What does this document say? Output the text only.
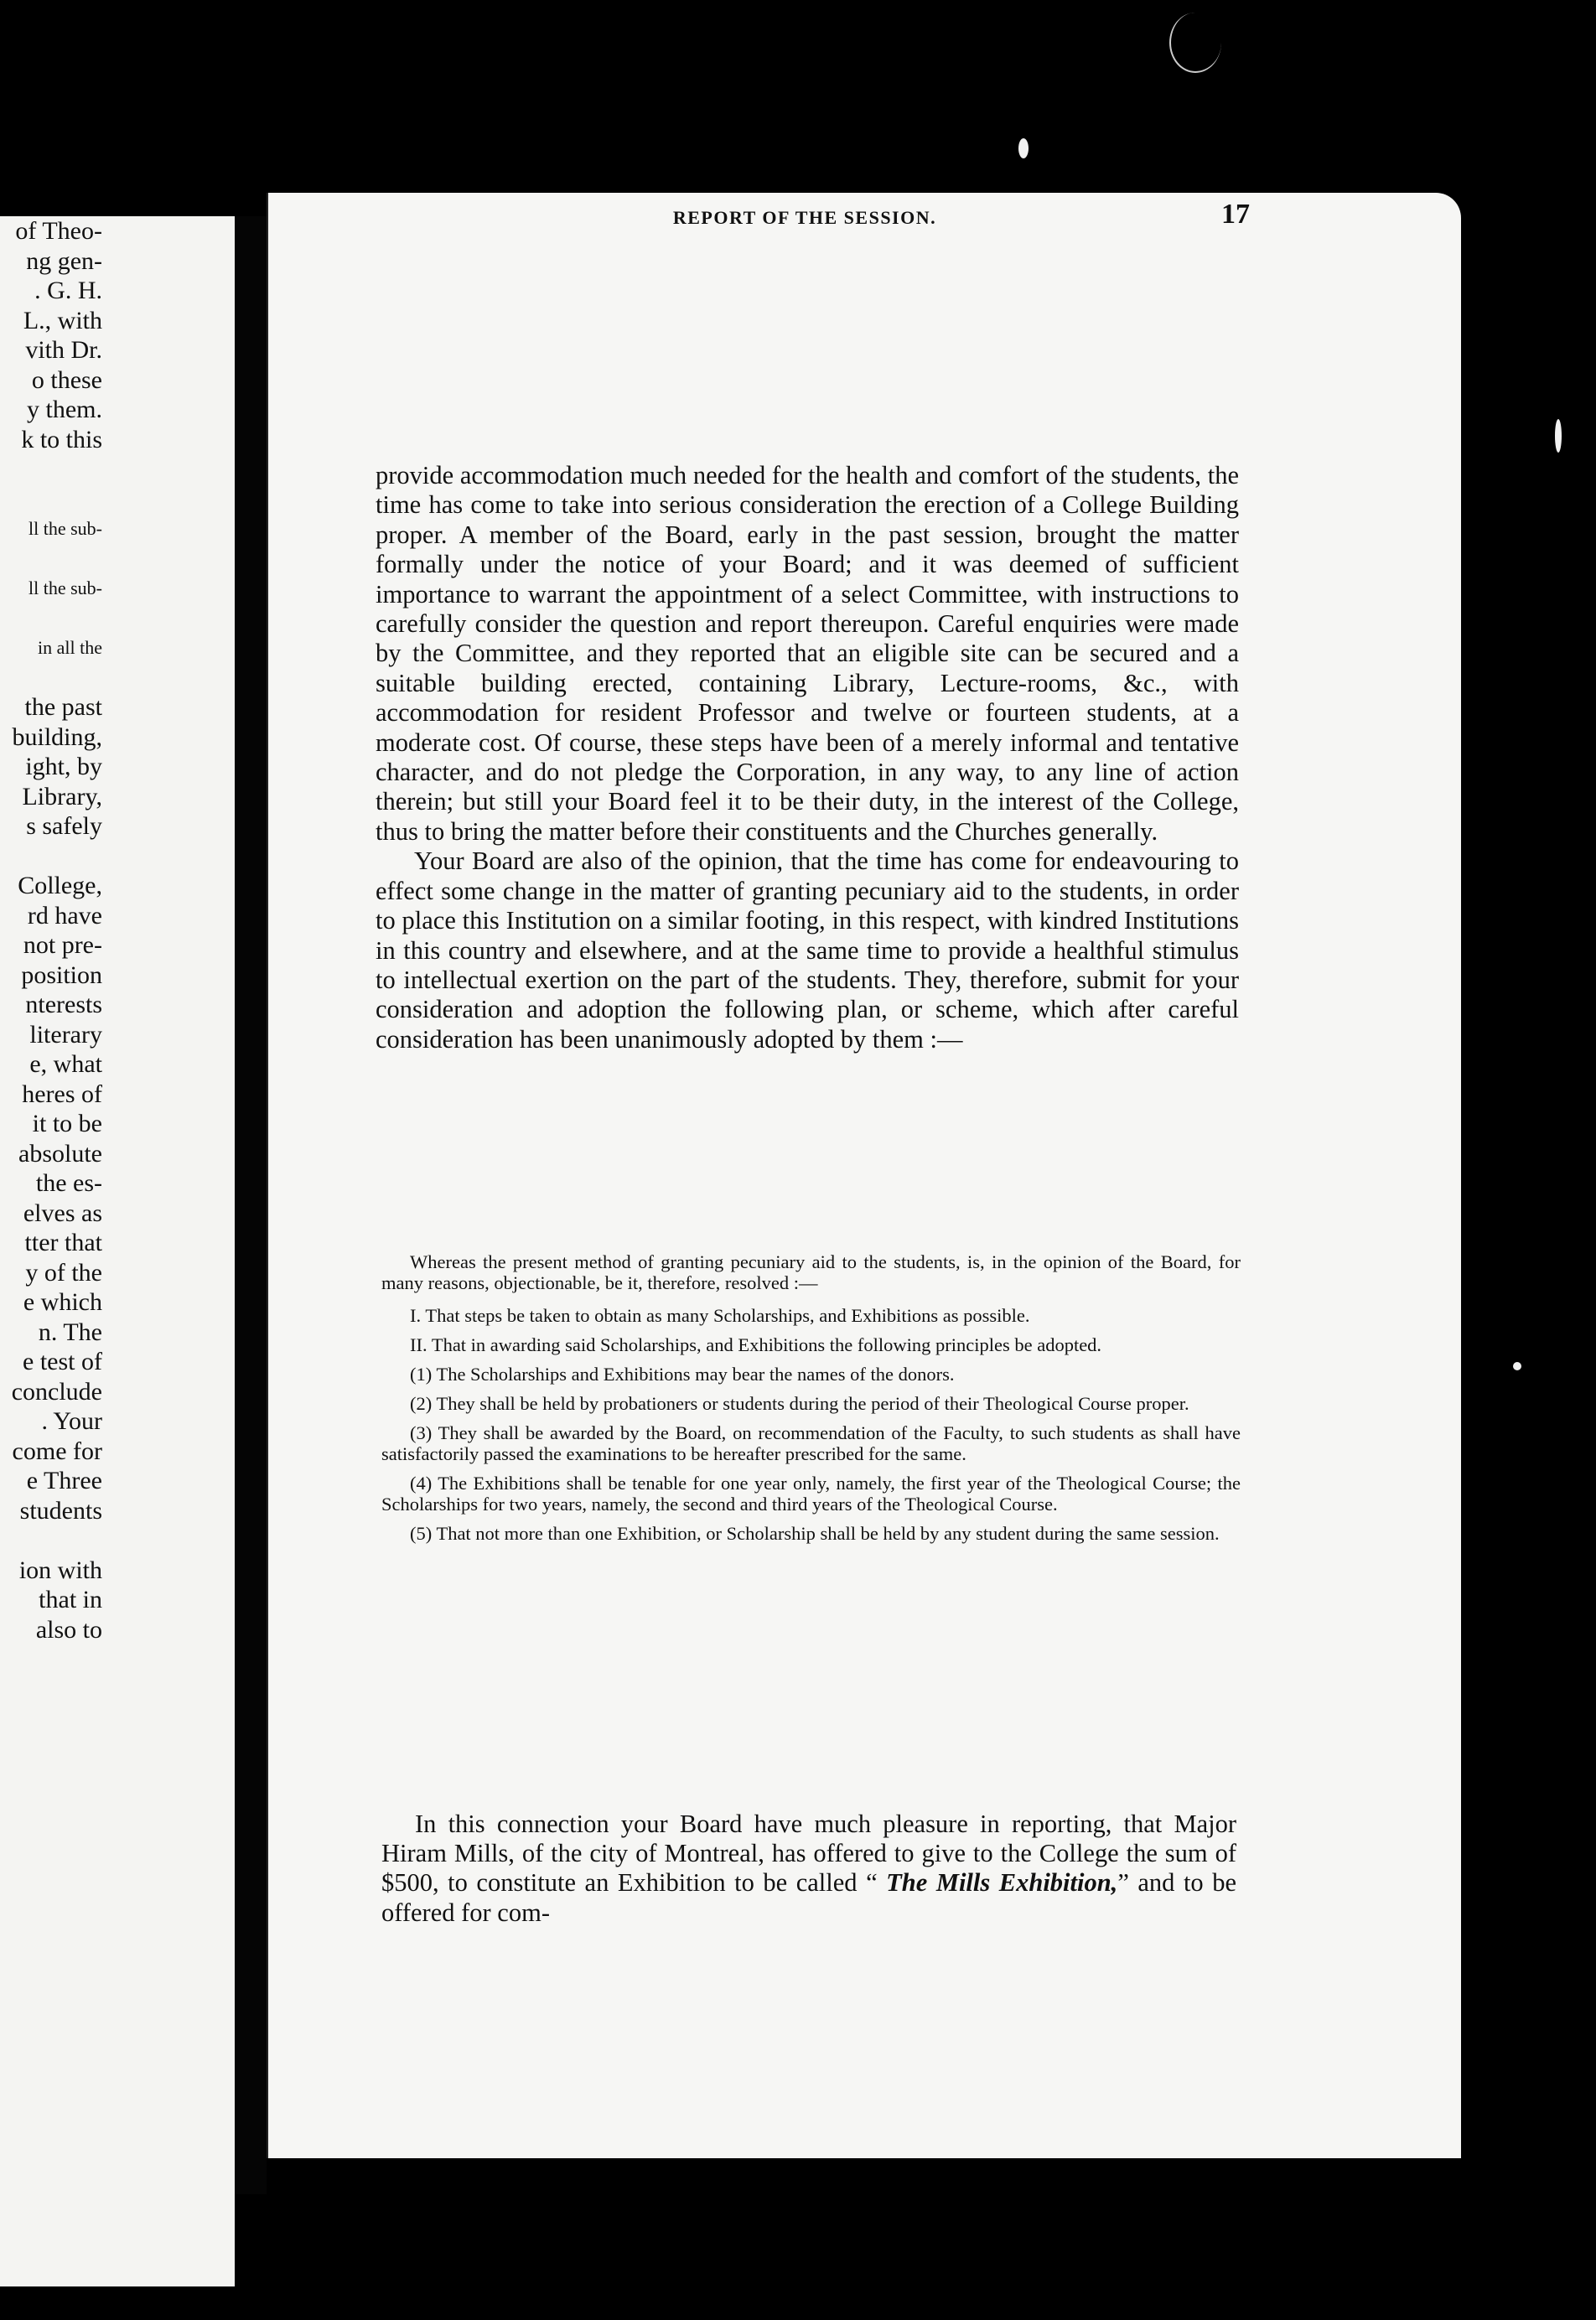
of Theo-
ng gen-
. G. H.
L., with
vith Dr.
o these
y them.
k to this

ll the sub-

ll the sub-

in all the

the past
building,
ight, by
Library,
s safely

College,
rd have
not pre-
position
nterests
literary
e, what
heres of
it to be
absolute
the es-
elves as
tter that
y of the
e which
n. The
e test of
conclude
. Your
come for
e Three
students

ion with
that in
also to
REPORT OF THE SESSION.	17

provide accommodation much needed for the health and comfort of the students, the time has come to take into serious consideration the erection of a College Building proper. A member of the Board, early in the past session, brought the matter formally under the notice of your Board; and it was deemed of sufficient importance to warrant the appointment of a select Committee, with instructions to carefully consider the question and report thereupon. Careful enquiries were made by the Committee, and they reported that an eligible site can be secured and a suitable building erected, containing Library, Lecture-rooms, &c., with accommodation for resident Professor and twelve or fourteen students, at a moderate cost. Of course, these steps have been of a merely informal and tentative character, and do not pledge the Corporation, in any way, to any line of action therein; but still your Board feel it to be their duty, in the interest of the College, thus to bring the matter before their constituents and the Churches generally.

Your Board are also of the opinion, that the time has come for endeavouring to effect some change in the matter of granting pecuniary aid to the students, in order to place this Institution on a similar footing, in this respect, with kindred Institutions in this country and elsewhere, and at the same time to provide a healthful stimulus to intellectual exertion on the part of the students. They, therefore, submit for your consideration and adoption the following plan, or scheme, which after careful consideration has been unanimously adopted by them :—

Whereas the present method of granting pecuniary aid to the students, is, in the opinion of the Board, for many reasons, objectionable, be it, therefore, resolved :—

I. That steps be taken to obtain as many Scholarships, and Exhibitions as possible.

II. That in awarding said Scholarships, and Exhibitions the following principles be adopted.

(1) The Scholarships and Exhibitions may bear the names of the donors.

(2) They shall be held by probationers or students during the period of their Theological Course proper.

(3) They shall be awarded by the Board, on recommendation of the Faculty, to such students as shall have satisfactorily passed the examinations to be hereafter prescribed for the same.

(4) The Exhibitions shall be tenable for one year only, namely, the first year of the Theological Course; the Scholarships for two years, namely, the second and third years of the Theological Course.

(5) That not more than one Exhibition, or Scholarship shall be held by any student during the same session.

In this connection your Board have much pleasure in reporting, that Major Hiram Mills, of the city of Montreal, has offered to give to the College the sum of $500, to constitute an Exhibition to be called “ The Mills Exhibition,” and to be offered for com-
